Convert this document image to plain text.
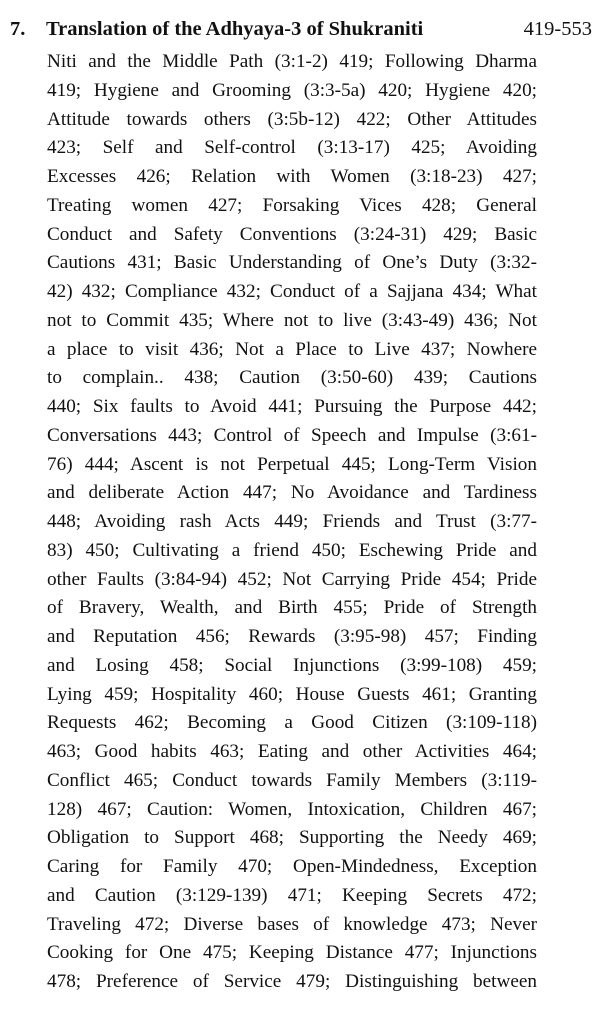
7. Translation of the Adhyaya-3 of Shukraniti	419-553
Niti and the Middle Path (3:1-2) 419; Following Dharma
419; Hygiene and Grooming (3:3-5a) 420; Hygiene 420;
Attitude towards others (3:5b-12) 422; Other Attitudes
423; Self and Self-control (3:13-17) 425; Avoiding
Excesses 426; Relation with Women (3:18-23) 427;
Treating women 427; Forsaking Vices 428; General
Conduct and Safety Conventions (3:24-31) 429; Basic
Cautions 431; Basic Understanding of One’s Duty (3:32-
42) 432; Compliance 432; Conduct of a Sajjana 434; What
not to Commit 435; Where not to live (3:43-49) 436; Not
a place to visit 436; Not a Place to Live 437; Nowhere
to complain.. 438; Caution (3:50-60) 439; Cautions
440; Six faults to Avoid 441; Pursuing the Purpose 442;
Conversations 443; Control of Speech and Impulse (3:61-
76) 444; Ascent is not Perpetual 445; Long-Term Vision
and deliberate Action 447; No Avoidance and Tardiness
448; Avoiding rash Acts 449; Friends and Trust (3:77-
83) 450; Cultivating a friend 450; Eschewing Pride and
other Faults (3:84-94) 452; Not Carrying Pride 454; Pride
of Bravery, Wealth, and Birth 455; Pride of Strength
and Reputation 456; Rewards (3:95-98) 457; Finding
and Losing 458; Social Injunctions (3:99-108) 459;
Lying 459; Hospitality 460; House Guests 461; Granting
Requests 462; Becoming a Good Citizen (3:109-118)
463; Good habits 463; Eating and other Activities 464;
Conflict 465; Conduct towards Family Members (3:119-
128) 467; Caution: Women, Intoxication, Children 467;
Obligation to Support 468; Supporting the Needy 469;
Caring for Family 470; Open-Mindedness, Exception
and Caution (3:129-139) 471; Keeping Secrets 472;
Traveling 472; Diverse bases of knowledge 473; Never
Cooking for One 475; Keeping Distance 477; Injunctions
478; Preference of Service 479; Distinguishing between
